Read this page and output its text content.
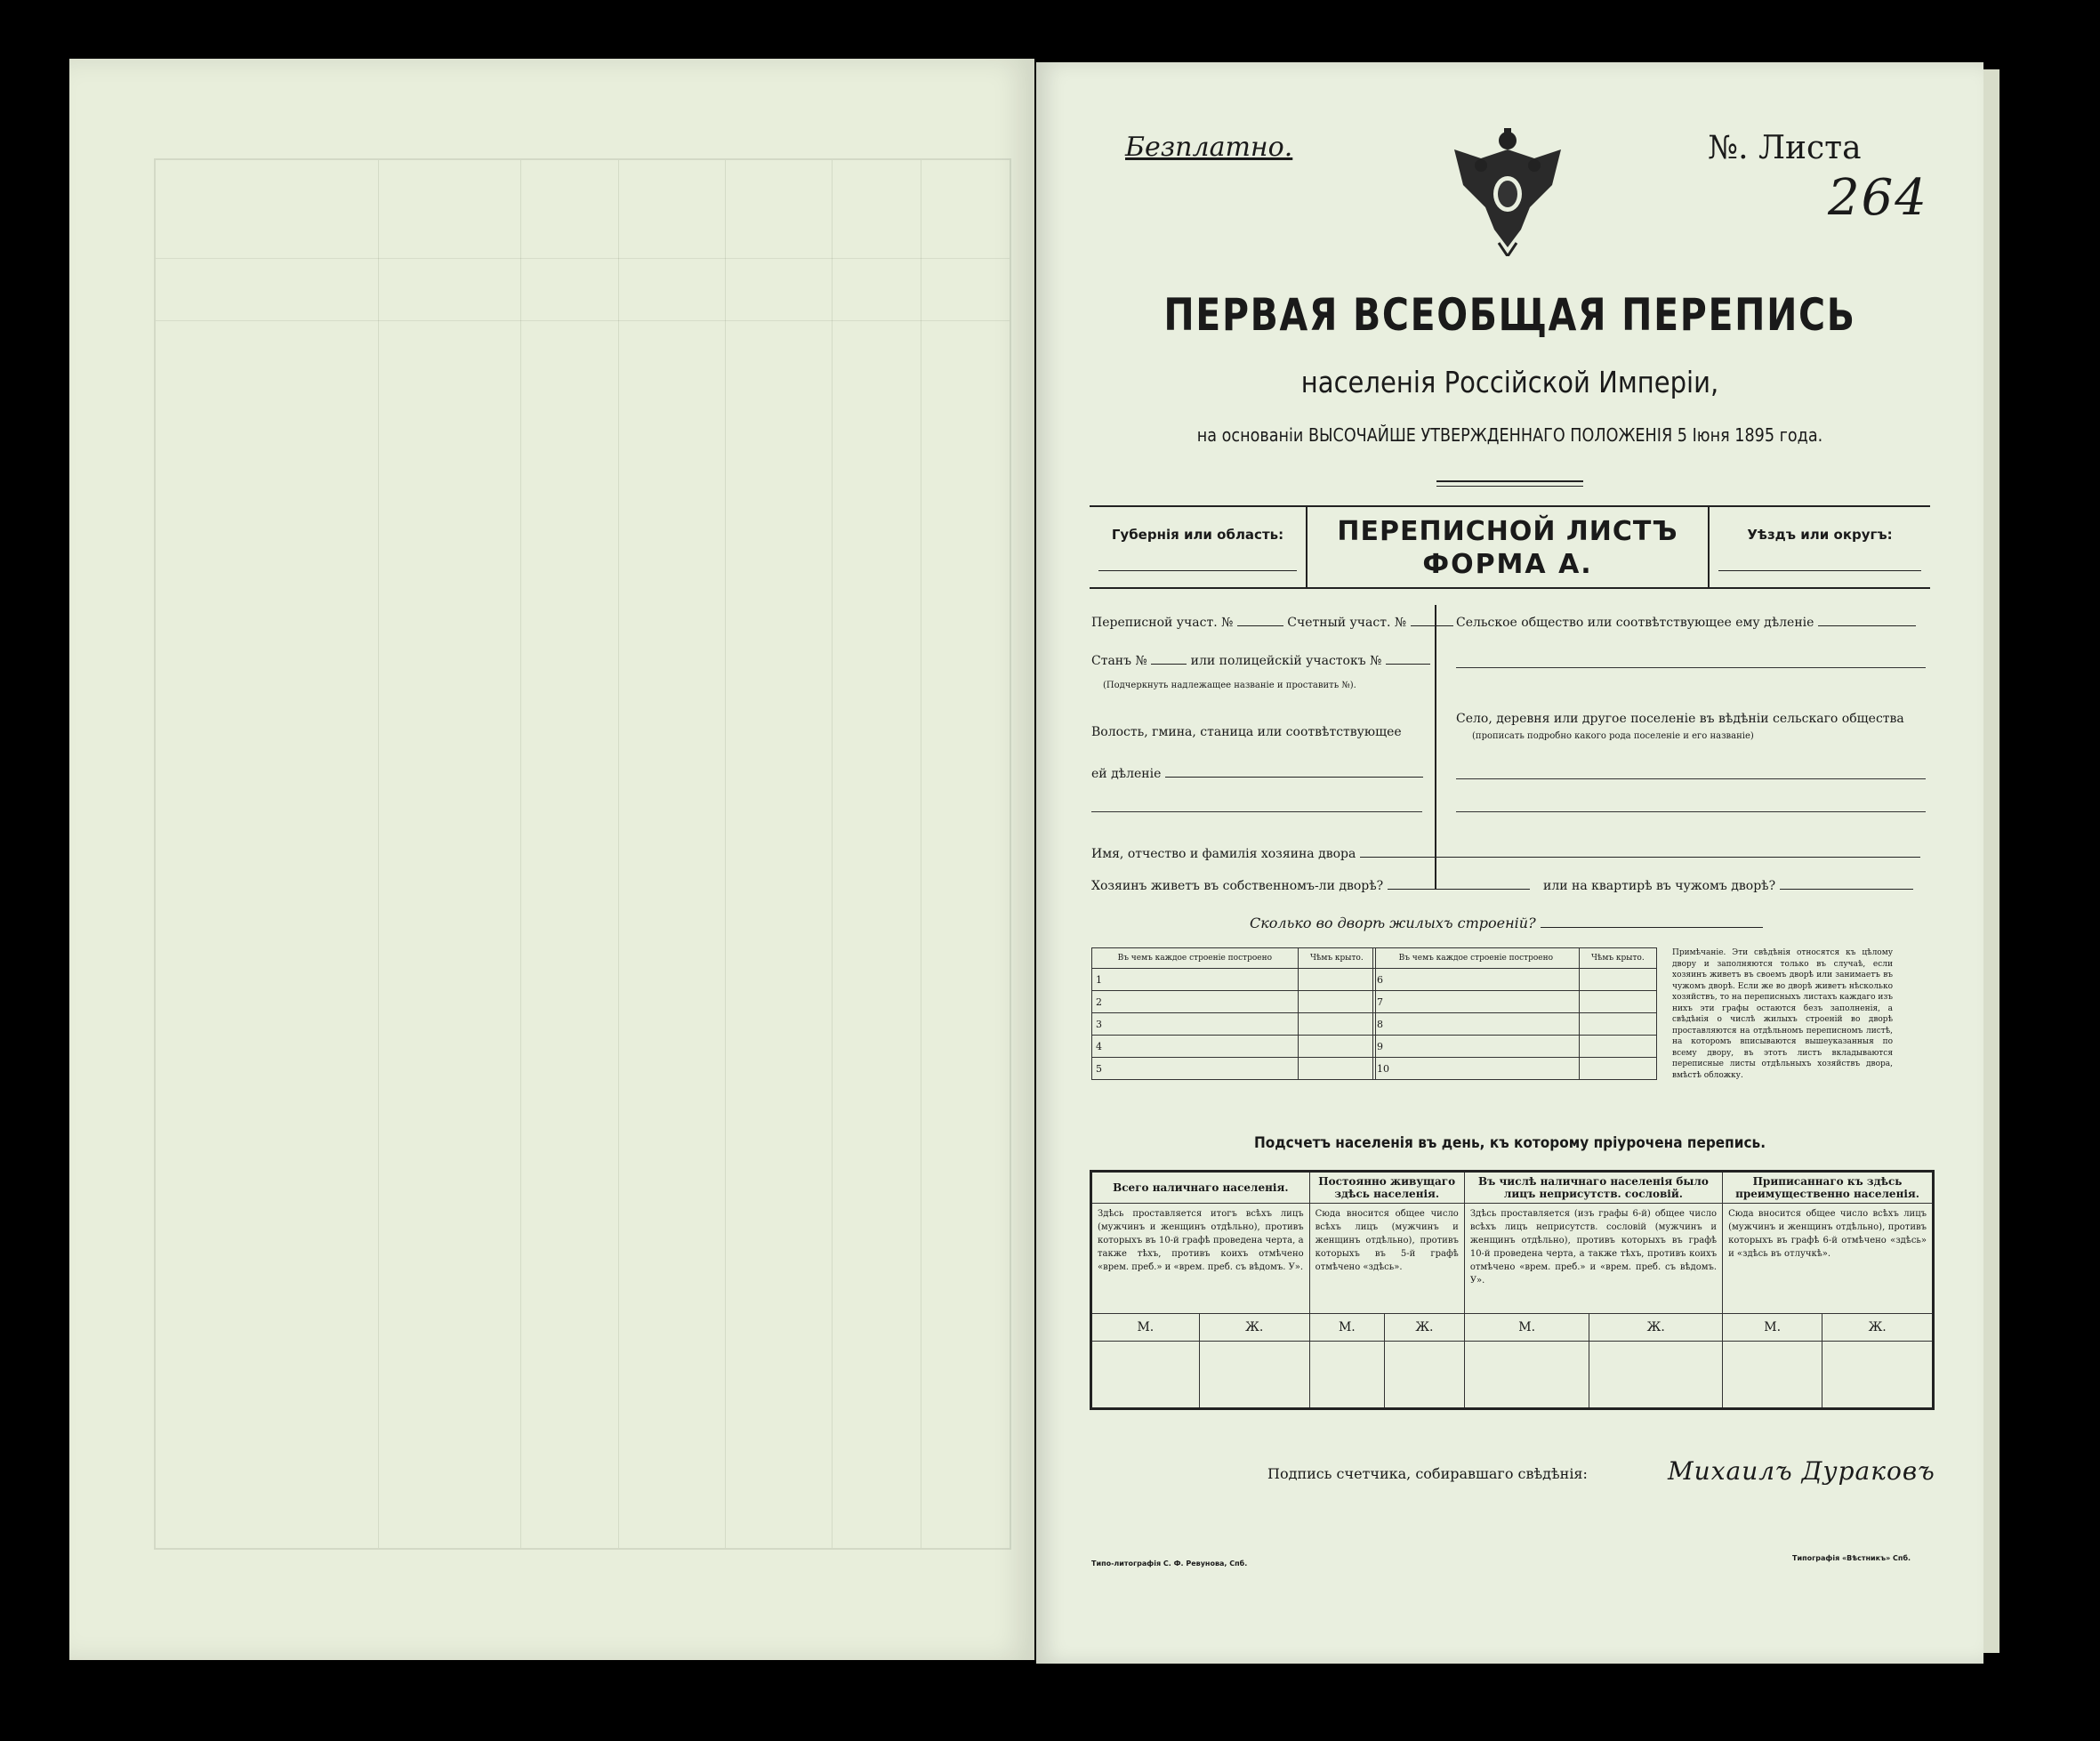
Безплатно.	№. Листа
264
ПЕРВАЯ ВСЕОБЩАЯ ПЕРЕПИСЬ
населенія Россійской Имперіи,
на основаніи ВЫСОЧАЙШЕ УТВЕРЖДЕННАГО ПОЛОЖЕНІЯ 5 Іюня 1895 года.
Губернія или область:	ПЕРЕПИСНОЙ ЛИСТЪ
ФОРМА А.
Уѣздъ или округъ:
Переписной участ. №	Счетный участ. №
Станъ №	или полицейскій участокъ №
(Подчеркнуть надлежащее названіе и проставить №).
Волость, гмина, станица или соотвѣтствующее
ей дѣленіе
Сельское общество или соотвѣтствующее ему дѣленіе
Село, деревня или другое поселеніе въ вѣдѣніи сельскаго общества
(прописать подробно какого рода поселеніе и его названіе)
Имя, отчество и фамилія хозяина двора
Хозяинъ живетъ въ собственномъ-ли дворѣ?	или на квартирѣ въ чужомъ дворѣ?
Сколько во дворѣ жилыхъ строеній?
Въ чемъ каждое строеніе построено	Чѣмъ крыто.
1	
2	
3	
4	
5	
Въ чемъ каждое строеніе построено	Чѣмъ крыто.
6	
7	
8	
9	
10	
Примѣчаніе. Эти свѣдѣнія относятся къ цѣлому двору и заполняются только въ случаѣ, если хозяинъ живетъ въ своемъ дворѣ или занимаетъ въ чужомъ дворѣ. Если же во дворѣ живетъ нѣсколько хозяйствъ, то на переписныхъ листахъ каждаго изъ нихъ эти графы остаются безъ заполненія, а свѣдѣнія о числѣ жилыхъ строеній во дворѣ проставляются на отдѣльномъ переписномъ листѣ, на которомъ вписываются вышеуказанныя по всему двору, въ этотъ листъ вкладываются переписные листы отдѣльныхъ хозяйствъ двора, вмѣстѣ обложку.
Подсчетъ населенія въ день, къ которому пріурочена перепись.
Всего наличнаго населенія.		Постоянно живущаго здѣсь населенія.		Въ числѣ наличнаго населенія было лицъ неприсутств. сословій.		Приписаннаго къ здѣсь преимущественно населенія.	
Здѣсь проставляется итогъ всѣхъ лицъ (мужчинъ и женщинъ отдѣльно), противъ которыхъ въ 10-й графѣ проведена черта, а также тѣхъ, противъ коихъ отмѣчено «врем. преб.» и «врем. преб. съ вѣдомъ. У».		Сюда вносится общее число всѣхъ лицъ (мужчинъ и женщинъ отдѣльно), противъ которыхъ въ 5-й графѣ отмѣчено «здѣсь».		Здѣсь проставляется (изъ графы 6-й) общее число всѣхъ лицъ неприсутств. сословій (мужчинъ и женщинъ отдѣльно), противъ которыхъ въ графѣ 10-й проведена черта, а также тѣхъ, противъ коихъ отмѣчено «врем. преб.» и «врем. преб. съ вѣдомъ. У».		Сюда вносится общее число всѣхъ лицъ (мужчинъ и женщинъ отдѣльно), противъ которыхъ въ графѣ 6-й отмѣчено «здѣсь» и «здѣсь въ отлучкѣ».	
М.	Ж.	М.	Ж.	М.	Ж.	М.	Ж.

Подпись счетчика, собиравшаго свѣдѣнія:	Михаилъ Дураковъ
Типо-литографія С. Ф. Ревунова, Спб.
Типографія «Вѣстникъ» Спб.
